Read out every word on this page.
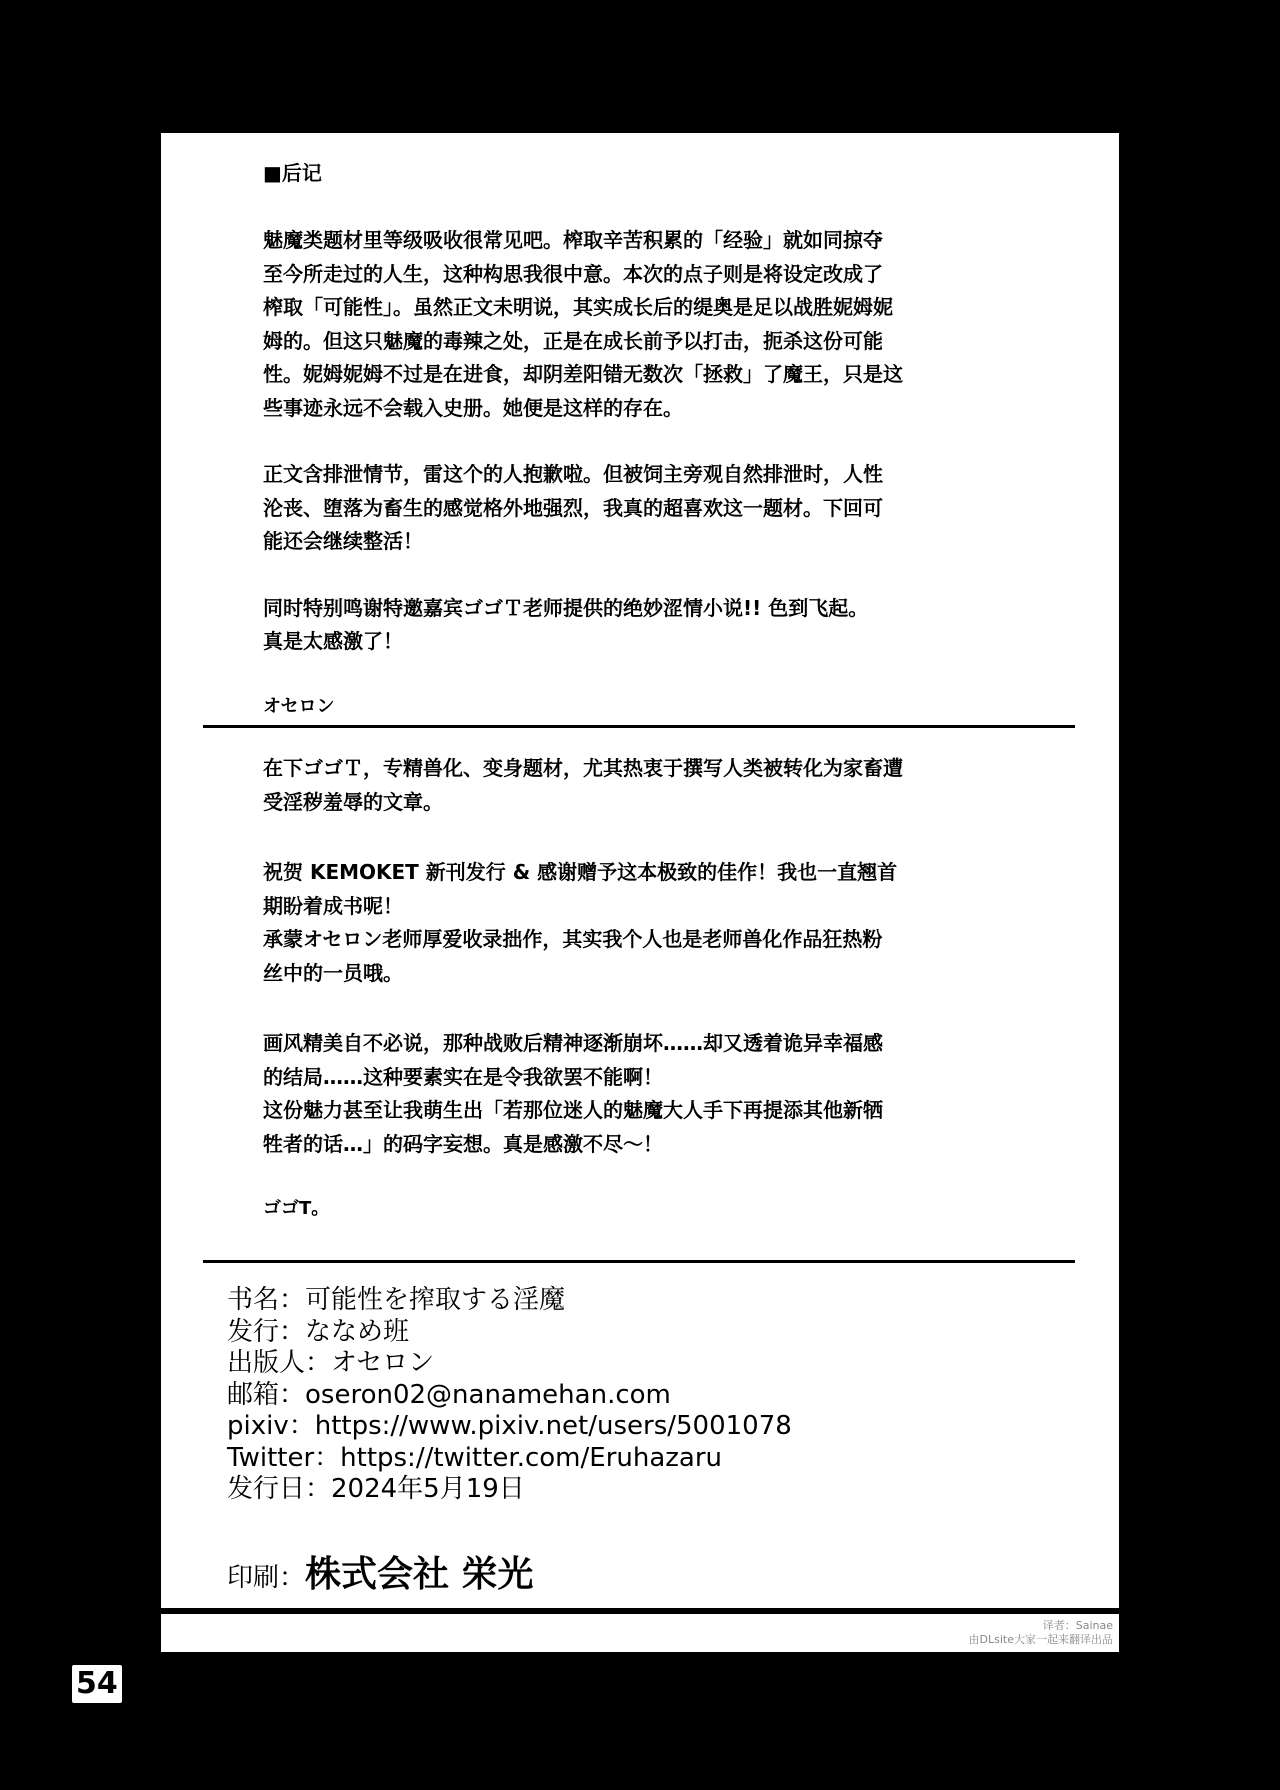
■后记

魅魔类题材里等级吸收很常见吧。榨取辛苦积累的「经验」就如同掠夺
至今所走过的人生，这种构思我很中意。本次的点子则是将设定改成了
榨取「可能性」。虽然正文未明说，其实成长后的缇奥是足以战胜妮姆妮
姆的。但这只魅魔的毒辣之处，正是在成长前予以打击，扼杀这份可能
性。妮姆妮姆不过是在进食，却阴差阳错无数次「拯救」了魔王，只是这
些事迹永远不会载入史册。她便是这样的存在。

正文含排泄情节，雷这个的人抱歉啦。但被饲主旁观自然排泄时，人性
沦丧、堕落为畜生的感觉格外地强烈，我真的超喜欢这一题材。下回可
能还会继续整活！

同时特别鸣谢特邀嘉宾ゴゴＴ老师提供的绝妙涩情小说!! 色到飞起。
真是太感激了！

オセロン

在下ゴゴＴ，专精兽化、变身题材，尤其热衷于撰写人类被转化为家畜遭
受淫秽羞辱的文章。

祝贺 KEMOKET 新刊发行 & 感谢赠予这本极致的佳作！我也一直翘首
期盼着成书呢！
承蒙オセロン老师厚爱收录拙作，其实我个人也是老师兽化作品狂热粉
丝中的一员哦。

画风精美自不必说，那种战败后精神逐渐崩坏……却又透着诡异幸福感
的结局……这种要素实在是令我欲罢不能啊！
这份魅力甚至让我萌生出「若那位迷人的魅魔大人手下再提添其他新牺
牲者的话…」的码字妄想。真是感激不尽～！

ゴゴT。
书名：可能性を搾取する淫魔
发行：ななめ班
出版人：オセロン
邮箱：oseron02@nanamehan.com
pixiv：https://www.pixiv.net/users/5001078
Twitter：https://twitter.com/Eruhazaru
发行日：2024年5月19日
印刷：株式会社 栄光
译者：Sainae
由DLsite大家一起来翻译出品
54
